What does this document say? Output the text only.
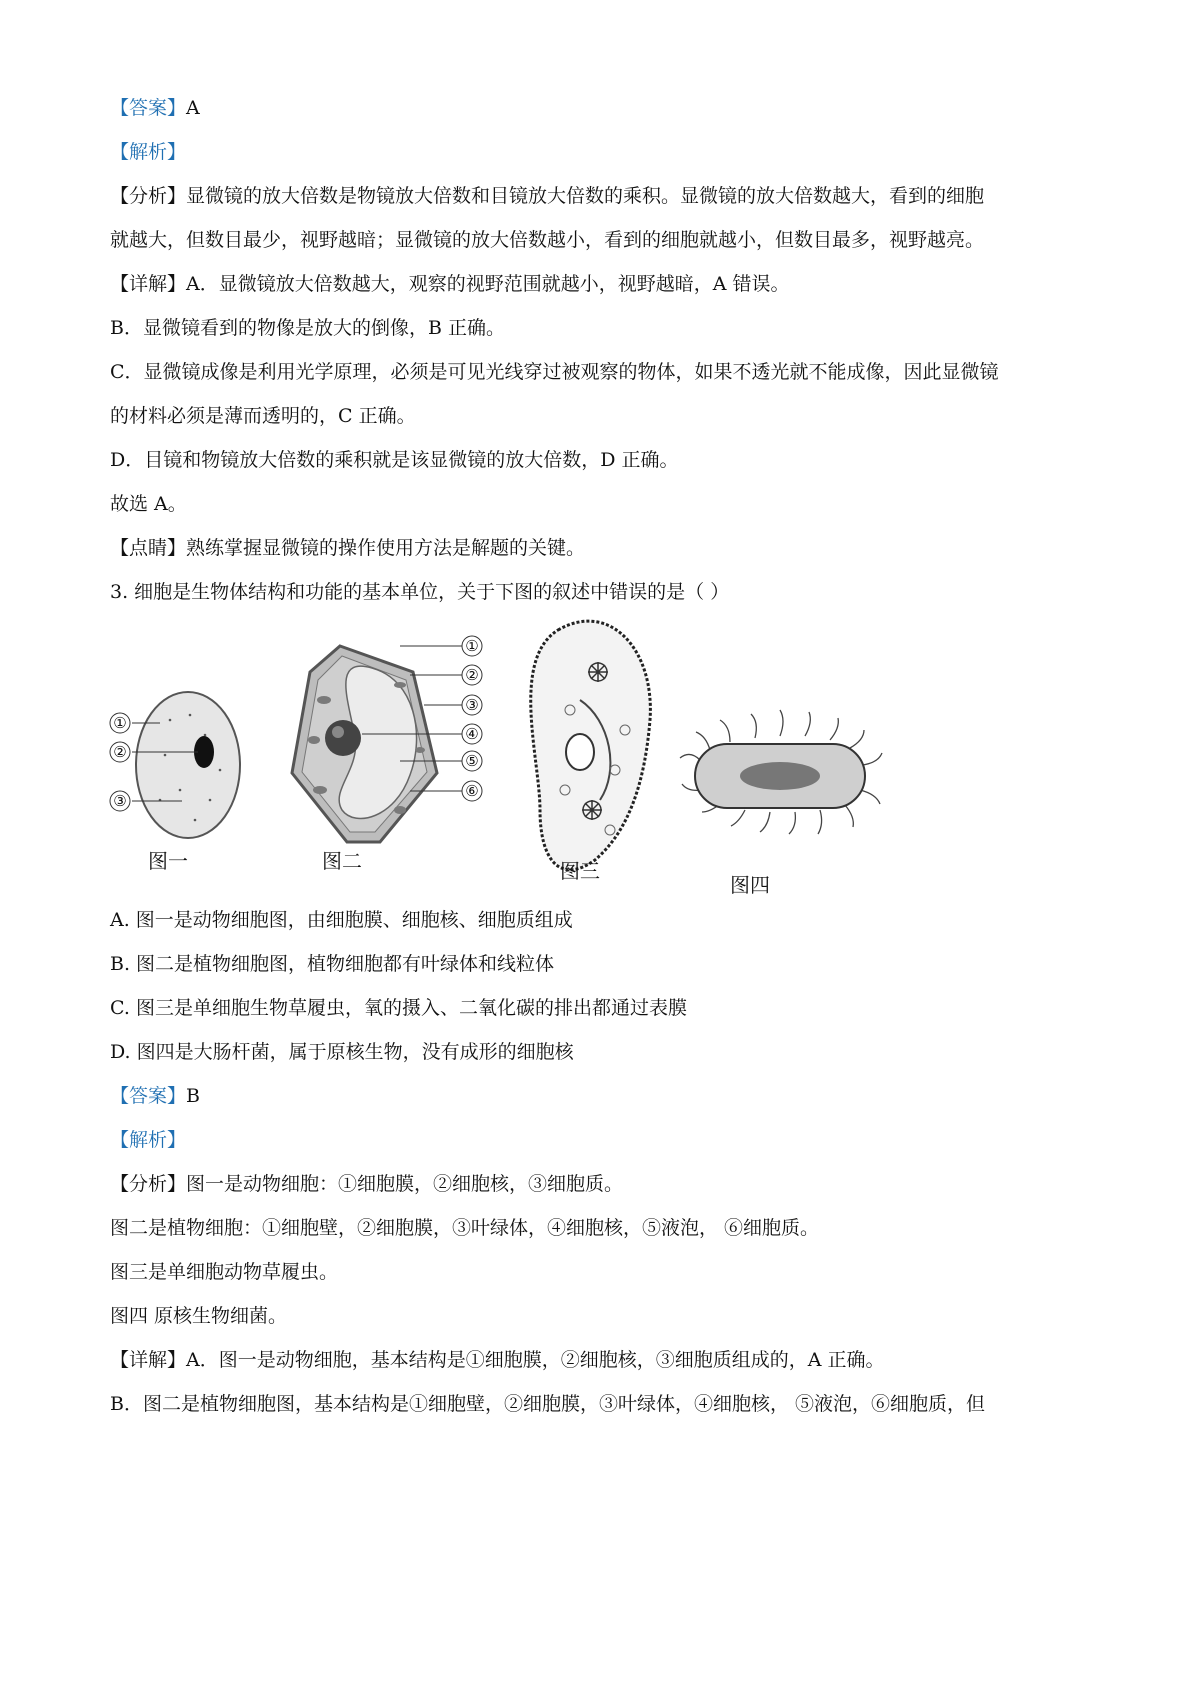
【答案】A
【解析】
【分析】显微镜的放大倍数是物镜放大倍数和目镜放大倍数的乘积。显微镜的放大倍数越大，看到的细胞
就越大，但数目最少，视野越暗；显微镜的放大倍数越小，看到的细胞就越小，但数目最多，视野越亮。
【详解】A．显微镜放大倍数越大，观察的视野范围就越小，视野越暗，A 错误。
B．显微镜看到的物像是放大的倒像，B 正确。
C．显微镜成像是利用光学原理，必须是可见光线穿过被观察的物体，如果不透光就不能成像，因此显微镜
的材料必须是薄而透明的，C 正确。
D．目镜和物镜放大倍数的乘积就是该显微镜的放大倍数，D 正确。
故选 A。
【点睛】熟练掌握显微镜的操作使用方法是解题的关键。
3. 细胞是生物体结构和功能的基本单位，关于下图的叙述中错误的是（ ）
①
②
③
图一
①
②
③
④
⑤
⑥
图二	图三
图四
A. 图一是动物细胞图，由细胞膜、细胞核、细胞质组成
B. 图二是植物细胞图，植物细胞都有叶绿体和线粒体
C. 图三是单细胞生物草履虫，氧的摄入、二氧化碳的排出都通过表膜
D. 图四是大肠杆菌，属于原核生物，没有成形的细胞核
【答案】B
【解析】
【分析】图一是动物细胞：①细胞膜，②细胞核，③细胞质。
图二是植物细胞：①细胞壁，②细胞膜，③叶绿体，④细胞核，⑤液泡， ⑥细胞质。
图三是单细胞动物草履虫。
图四 原核生物细菌。
【详解】A．图一是动物细胞，基本结构是①细胞膜，②细胞核，③细胞质组成的，A 正确。
B．图二是植物细胞图，基本结构是①细胞壁，②细胞膜，③叶绿体，④细胞核， ⑤液泡，⑥细胞质，但
